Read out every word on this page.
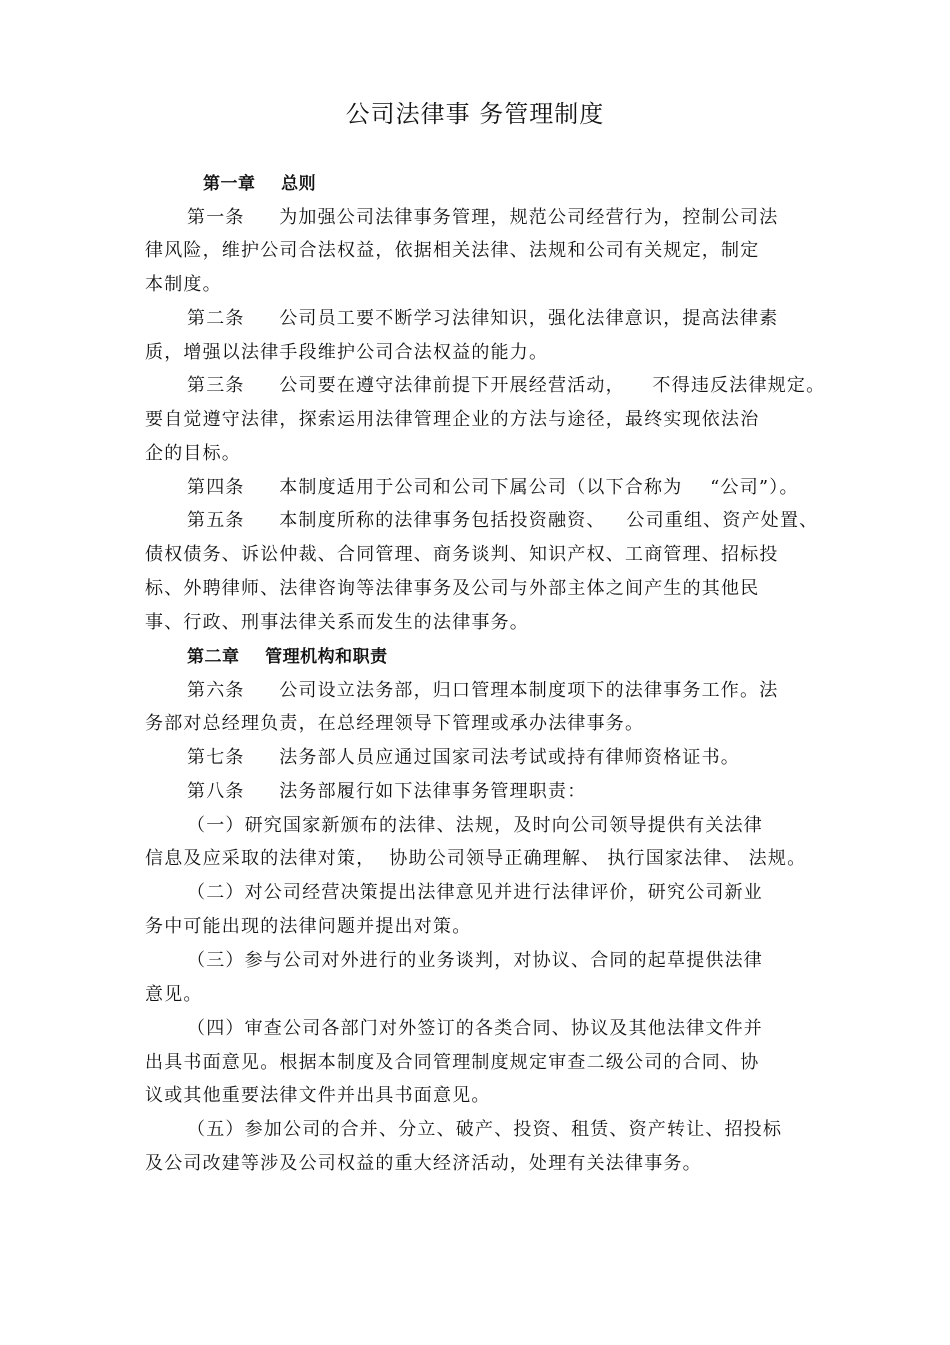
公司法律事 务管理制度
第一章    总则
第一条     为加强公司法律事务管理，规范公司经营行为，控制公司法
律风险，维护公司合法权益，依据相关法律、法规和公司有关规定，制定
本制度。
第二条     公司员工要不断学习法律知识，强化法律意识，提高法律素
质，增强以法律手段维护公司合法权益的能力。
第三条     公司要在遵守法律前提下开展经营活动，    不得违反法律规定。
要自觉遵守法律，探索运用法律管理企业的方法与途径，最终实现依法治
企的目标。
第四条     本制度适用于公司和公司下属公司（以下合称为    “公司”）。
第五条     本制度所称的法律事务包括投资融资、   公司重组、资产处置、
债权债务、诉讼仲裁、合同管理、商务谈判、知识产权、工商管理、招标投
标、外聘律师、法律咨询等法律事务及公司与外部主体之间产生的其他民
事、行政、刑事法律关系而发生的法律事务。
第二章    管理机构和职责
第六条     公司设立法务部，归口管理本制度项下的法律事务工作。法
务部对总经理负责，在总经理领导下管理或承办法律事务。
第七条     法务部人员应通过国家司法考试或持有律师资格证书。
第八条     法务部履行如下法律事务管理职责：
（一）研究国家新颁布的法律、法规，及时向公司领导提供有关法律
信息及应采取的法律对策，  协助公司领导正确理解、 执行国家法律、 法规。
（二）对公司经营决策提出法律意见并进行法律评价，研究公司新业
务中可能出现的法律问题并提出对策。
（三）参与公司对外进行的业务谈判，对协议、合同的起草提供法律
意见。
（四）审查公司各部门对外签订的各类合同、协议及其他法律文件并
出具书面意见。根据本制度及合同管理制度规定审查二级公司的合同、协
议或其他重要法律文件并出具书面意见。
（五）参加公司的合并、分立、破产、投资、租赁、资产转让、招投标
及公司改建等涉及公司权益的重大经济活动，处理有关法律事务。
